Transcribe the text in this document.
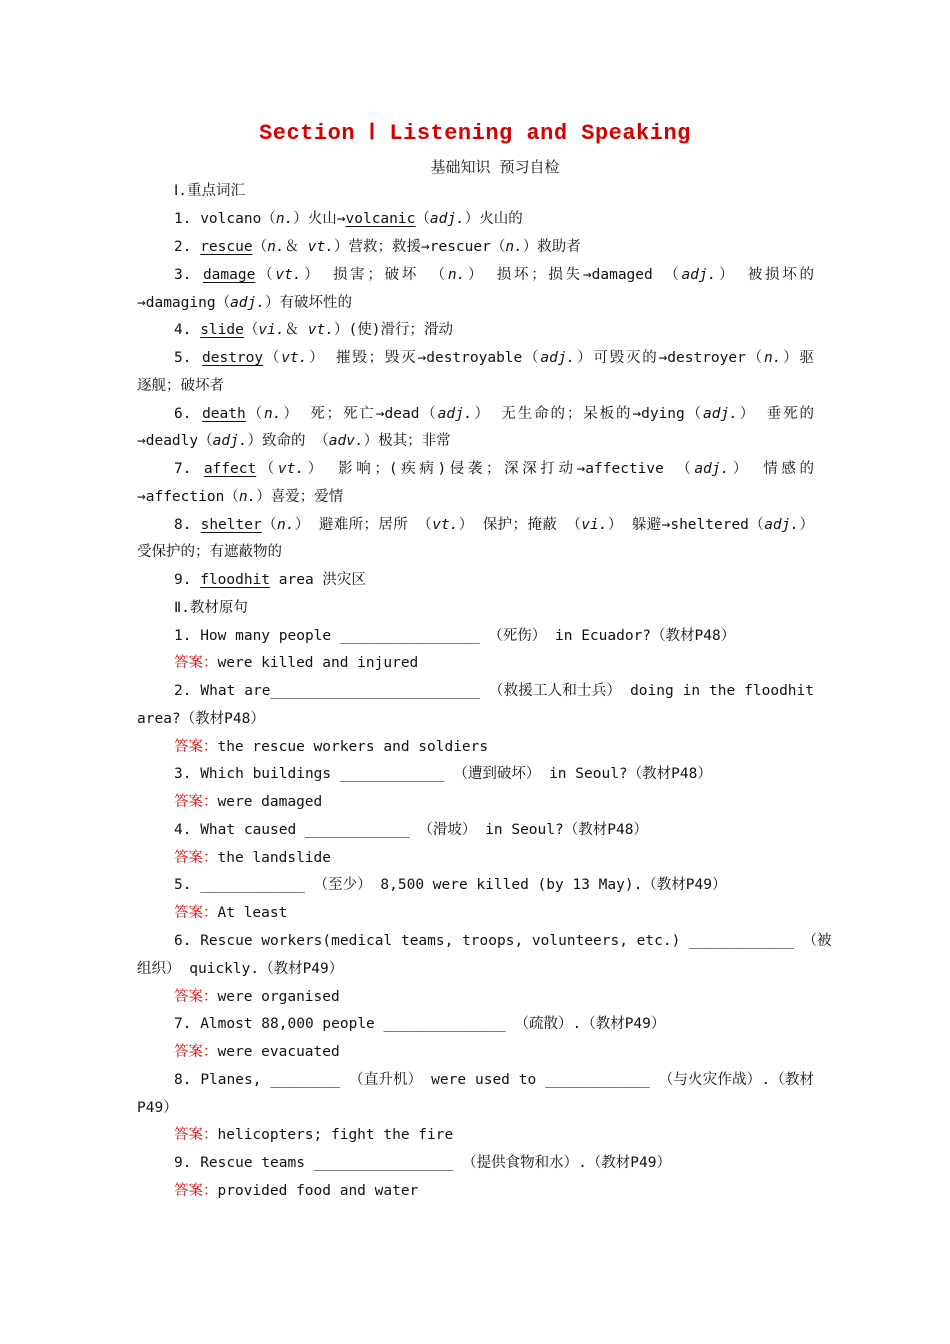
Section Ⅰ Listening and Speaking
基础知识 预习自检
Ⅰ.重点词汇
1. volcano（n.）火山→volcanic（adj.）火山的
2. rescue（n.＆ vt.）营救；救援→rescuer（n.）救助者
3. damage（vt.） 损害；破坏 （n.） 损坏；损失→damaged （adj.） 被损坏的
→damaging（adj.）有破坏性的
4. slide（vi.＆ vt.）(使)滑行；滑动
5. destroy（vt.） 摧毁；毁灭→destroyable（adj.）可毁灭的→destroyer（n.）驱
逐舰；破坏者
6. death（n.） 死；死亡→dead（adj.） 无生命的；呆板的→dying（adj.） 垂死的
→deadly（adj.）致命的 （adv.）极其；非常
7. affect（vt.） 影响；(疾病)侵袭；深深打动→affective （adj.） 情感的
→affection（n.）喜爱；爱情
8. shelter（n.） 避难所；居所 （vt.） 保护；掩蔽 （vi.） 躲避→sheltered（adj.）
受保护的；有遮蔽物的
9. floodhit area 洪灾区
Ⅱ.教材原句
1. How many people ________________ （死伤） in Ecuador?（教材P48）
答案：were killed and injured
2. What are________________________ （救援工人和士兵） doing in the floodhit
area?（教材P48）
答案：the rescue workers and soldiers
3. Which buildings ____________ （遭到破坏） in Seoul?（教材P48）
答案：were damaged
4. What caused ____________ （滑坡） in Seoul?（教材P48）
答案：the landslide
5. ____________ （至少） 8,500 were killed (by 13 May).（教材P49）
答案：At least
6. Rescue workers(medical teams, troops, volunteers, etc.) ____________ （被
组织） quickly.（教材P49）
答案：were organised
7. Almost 88,000 people ______________ （疏散）.（教材P49）
答案：were evacuated
8. Planes, ________ （直升机） were used to ____________ （与火灾作战）.（教材
P49）
答案：helicopters; fight the fire
9. Rescue teams ________________ （提供食物和水）.（教材P49）
答案：provided food and water
